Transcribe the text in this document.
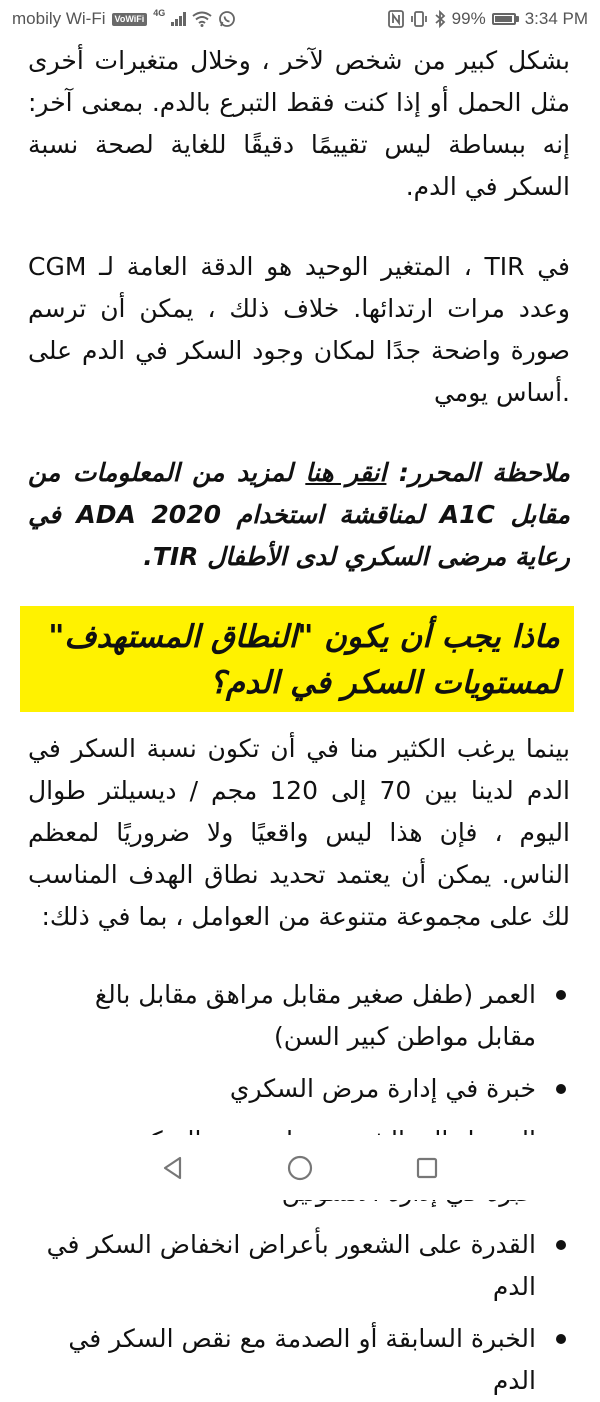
mobily Wi-Fi	VoWiFi
4G	99% 3:34 PM

بشكل كبير من شخص لآخر ، وخلال متغيرات أخرى مثل الحمل أو إذا كنت فقط التبرع بالدم. بمعنى آخر: إنه ببساطة ليس تقييمًا دقيقًا للغاية لصحة نسبة السكر في الدم.

CGM المتغير الوحيد هو الدقة العامة لـ ، TIR في وعدد مرات ارتدائها. خلاف ذلك ، يمكن أن ترسم صورة واضحة جدًا لمكان وجود السكر في الدم على أساس يومي.

ملاحظة المحرر: انقر هنا لمزيد من المعلومات من مقابل A1C لمناقشة استخدام ADA 2020 في رعاية مرضى السكري لدى الأطفال TIR.

ماذا يجب أن يكون "النطاق المستهدف" لمستويات السكر في الدم؟

بينما يرغب الكثير منا في أن تكون نسبة السكر في الدم لدينا بين 70 إلى 120 مجم / ديسيلتر طوال اليوم ، فإن هذا ليس واقعيًا ولا ضروريًا لمعظم الناس. يمكن أن يعتمد تحديد نطاق الهدف المناسب لك على مجموعة متنوعة من العوامل ، بما في ذلك:

العمر (طفل صغير مقابل مراهق مقابل بالغ مقابل مواطن كبير السن)
خبرة في إدارة مرض السكري
القدرة على الشعور بأعراض انخفاض السكر في الدم
الخبرة السابقة أو الصدمة مع نقص السكر في الدم
